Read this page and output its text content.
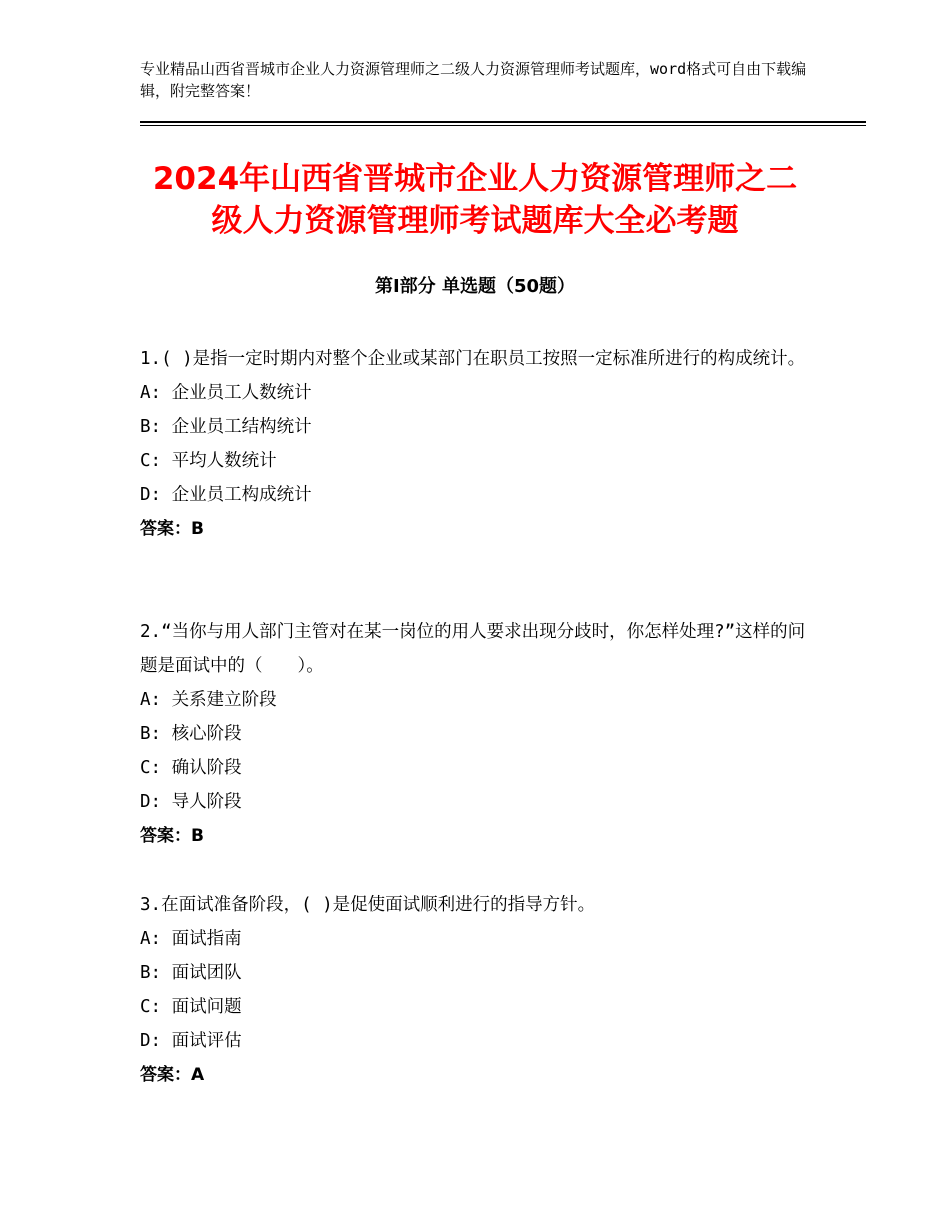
专业精品山西省晋城市企业人力资源管理师之二级人力资源管理师考试题库，word格式可自由下载编辑，附完整答案！
2024年山西省晋城市企业人力资源管理师之二级人力资源管理师考试题库大全必考题
第Ⅰ部分 单选题（50题）

1.( )是指一定时期内对整个企业或某部门在职员工按照一定标准所进行的构成统计。

A: 企业员工人数统计

B: 企业员工结构统计

C: 平均人数统计

D: 企业员工构成统计

答案：B

2.“当你与用人部门主管对在某一岗位的用人要求出现分歧时，你怎样处理?”这样的问题是面试中的（　　）。

A: 关系建立阶段

B: 核心阶段

C: 确认阶段

D: 导人阶段

答案：B

3.在面试准备阶段，( )是促使面试顺利进行的指导方针。

A: 面试指南

B: 面试团队

C: 面试问题

D: 面试评估

答案：A
